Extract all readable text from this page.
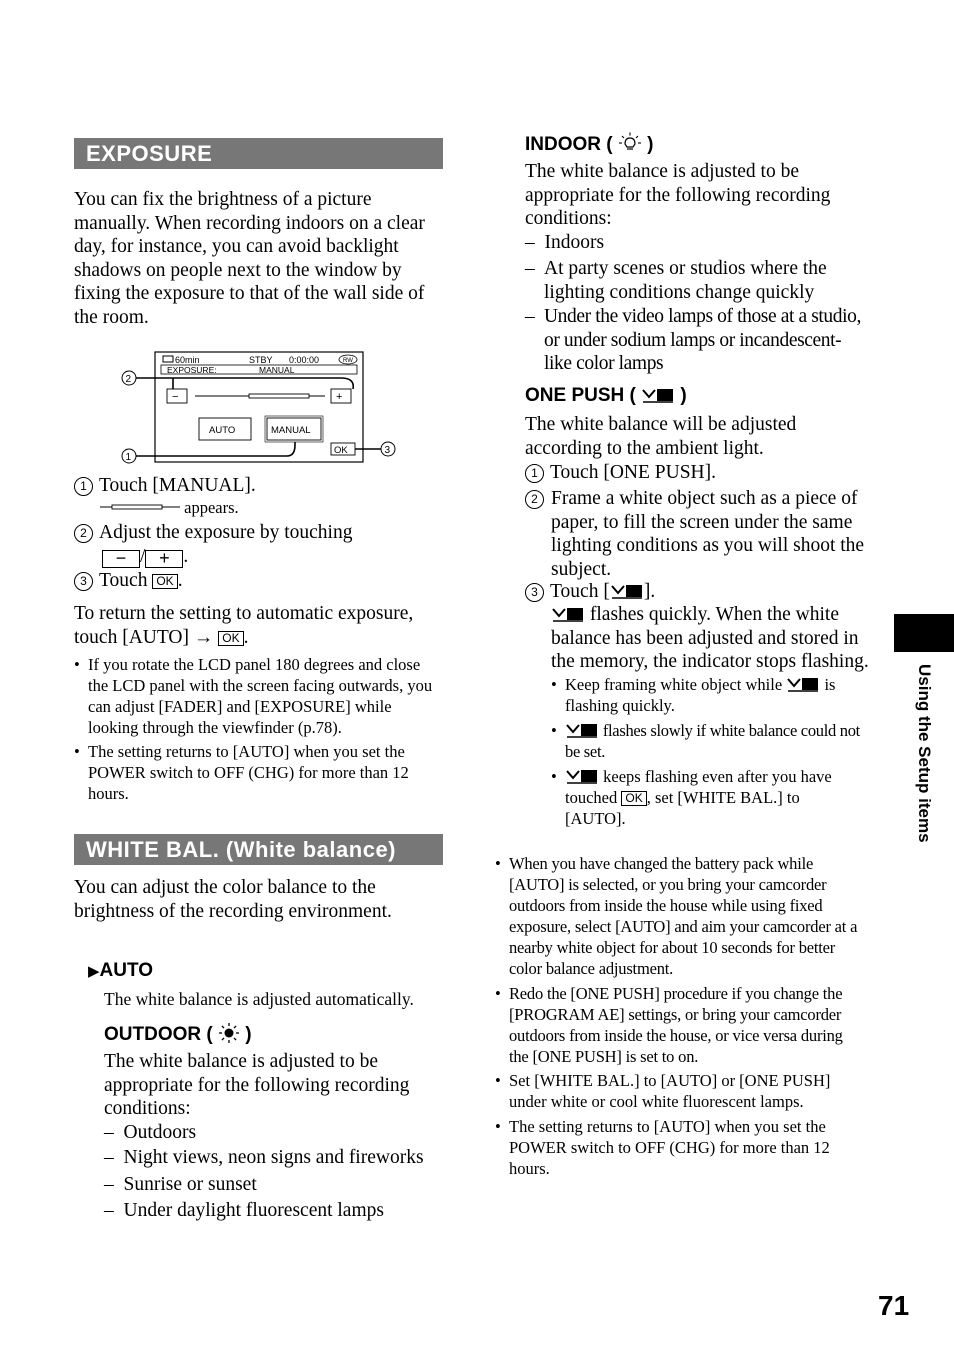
EXPOSURE
You can fix the brightness of a picture manually. When recording indoors on a clear day, for instance, you can avoid backlight shadows on people next to the window by fixing the exposure to that of the wall side of the room.
60min	STBY 0:00:00	RW
EXPOSURE:	MANUAL
−	+
AUTO	MANUAL
OK
2
1
3
1 Touch [MANUAL].
appears.
2 Adjust the exposure by touching
− / + .
3 Touch OK .
To return the setting to automatic exposure, touch [AUTO] → OK .
• If you rotate the LCD panel 180 degrees and close the LCD panel with the screen facing outwards, you can adjust [FADER] and [EXPOSURE] while looking through the viewfinder (p.78).
• The setting returns to [AUTO] when you set the POWER switch to OFF (CHG) for more than 12 hours.
WHITE BAL. (White balance)
You can adjust the color balance to the brightness of the recording environment.
▶AUTO
The white balance is adjusted automatically.
OUTDOOR ( )
The white balance is adjusted to be appropriate for the following recording conditions:
– Outdoors
– Night views, neon signs and fireworks
– Sunrise or sunset
– Under daylight fluorescent lamps
INDOOR ( )
The white balance is adjusted to be appropriate for the following recording conditions:
– Indoors
– At party scenes or studios where the lighting conditions change quickly
– Under the video lamps of those at a studio, or under sodium lamps or incandescent-like color lamps
ONE PUSH ( )
The white balance will be adjusted according to the ambient light.
1 Touch [ONE PUSH].
2 Frame a white object such as a piece of paper, to fill the screen under the same lighting conditions as you will shoot the subject.
3 Touch [ ].
flashes quickly. When the white balance has been adjusted and stored in the memory, the indicator stops flashing.
• Keep framing white object while	is flashing quickly.
•	flashes slowly if white balance could not be set.
•	keeps flashing even after you have touched OK , set [WHITE BAL.] to [AUTO].
• When you have changed the battery pack while [AUTO] is selected, or you bring your camcorder outdoors from inside the house while using fixed exposure, select [AUTO] and aim your camcorder at a nearby white object for about 10 seconds for better color balance adjustment.
• Redo the [ONE PUSH] procedure if you change the [PROGRAM AE] settings, or bring your camcorder outdoors from inside the house, or vice versa during the [ONE PUSH] is set to on.
• Set [WHITE BAL.] to [AUTO] or [ONE PUSH] under white or cool white fluorescent lamps.
• The setting returns to [AUTO] when you set the POWER switch to OFF (CHG) for more than 12 hours.
Using the Setup items
71
